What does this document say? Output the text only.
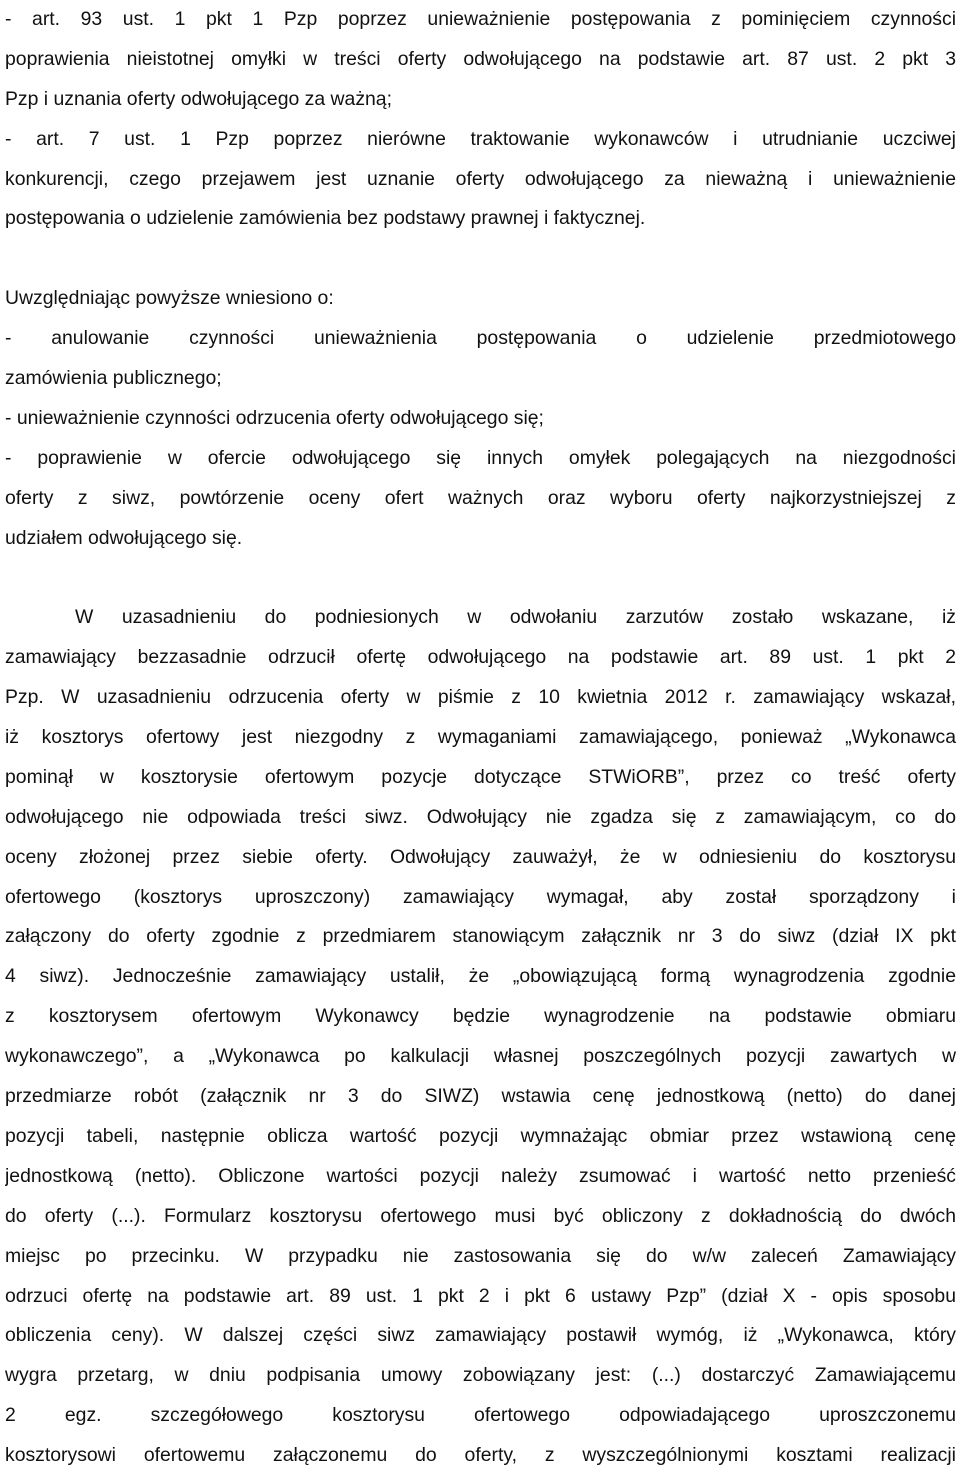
- art. 93 ust. 1 pkt 1 Pzp poprzez unieważnienie postępowania z pominięciem czynności
poprawienia nieistotnej omyłki w treści oferty odwołującego na podstawie art. 87 ust. 2 pkt 3
Pzp i uznania oferty odwołującego za ważną;
- art. 7 ust. 1 Pzp poprzez nierówne traktowanie wykonawców i utrudnianie uczciwej
konkurencji, czego przejawem jest uznanie oferty odwołującego za nieważną i unieważnienie
postępowania o udzielenie zamówienia bez podstawy prawnej i faktycznej.
Uwzględniając powyższe wniesiono o:
- anulowanie czynności unieważnienia postępowania o udzielenie przedmiotowego
zamówienia publicznego;
- unieważnienie czynności odrzucenia oferty odwołującego się;
- poprawienie w ofercie odwołującego się innych omyłek polegających na niezgodności
oferty z siwz, powtórzenie oceny ofert ważnych oraz wyboru oferty najkorzystniejszej z
udziałem odwołującego się.
W uzasadnieniu do podniesionych w odwołaniu zarzutów zostało wskazane, iż
zamawiający bezzasadnie odrzucił ofertę odwołującego na podstawie art. 89 ust. 1 pkt 2
Pzp. W uzasadnieniu odrzucenia oferty w piśmie z 10 kwietnia 2012 r. zamawiający wskazał,
iż kosztorys ofertowy jest niezgodny z wymaganiami zamawiającego, ponieważ „Wykonawca
pominął w kosztorysie ofertowym pozycje dotyczące STWiORB”, przez co treść oferty
odwołującego nie odpowiada treści siwz. Odwołujący nie zgadza się z zamawiającym, co do
oceny złożonej przez siebie oferty. Odwołujący zauważył, że w odniesieniu do kosztorysu
ofertowego (kosztorys uproszczony) zamawiający wymagał, aby został sporządzony i
załączony do oferty zgodnie z przedmiarem stanowiącym załącznik nr 3 do siwz (dział IX pkt
4 siwz). Jednocześnie zamawiający ustalił, że „obowiązującą formą wynagrodzenia zgodnie
z kosztorysem ofertowym Wykonawcy będzie wynagrodzenie na podstawie obmiaru
wykonawczego”, a „Wykonawca po kalkulacji własnej poszczególnych pozycji zawartych w
przedmiarze robót (załącznik nr 3 do SIWZ) wstawia cenę jednostkową (netto) do danej
pozycji tabeli, następnie oblicza wartość pozycji wymnażając obmiar przez wstawioną cenę
jednostkową (netto). Obliczone wartości pozycji należy zsumować i wartość netto przenieść
do oferty (...). Formularz kosztorysu ofertowego musi być obliczony z dokładnością do dwóch
miejsc po przecinku. W przypadku nie zastosowania się do w/w zaleceń Zamawiający
odrzuci ofertę na podstawie art. 89 ust. 1 pkt 2 i pkt 6 ustawy Pzp” (dział X - opis sposobu
obliczenia ceny). W dalszej części siwz zamawiający postawił wymóg, iż „Wykonawca, który
wygra przetarg, w dniu podpisania umowy zobowiązany jest: (...) dostarczyć Zamawiającemu
2 egz. szczegółowego kosztorysu ofertowego odpowiadającego uproszczonemu
kosztorysowi ofertowemu załączonemu do oferty, z wyszczególnionymi kosztami realizacji
